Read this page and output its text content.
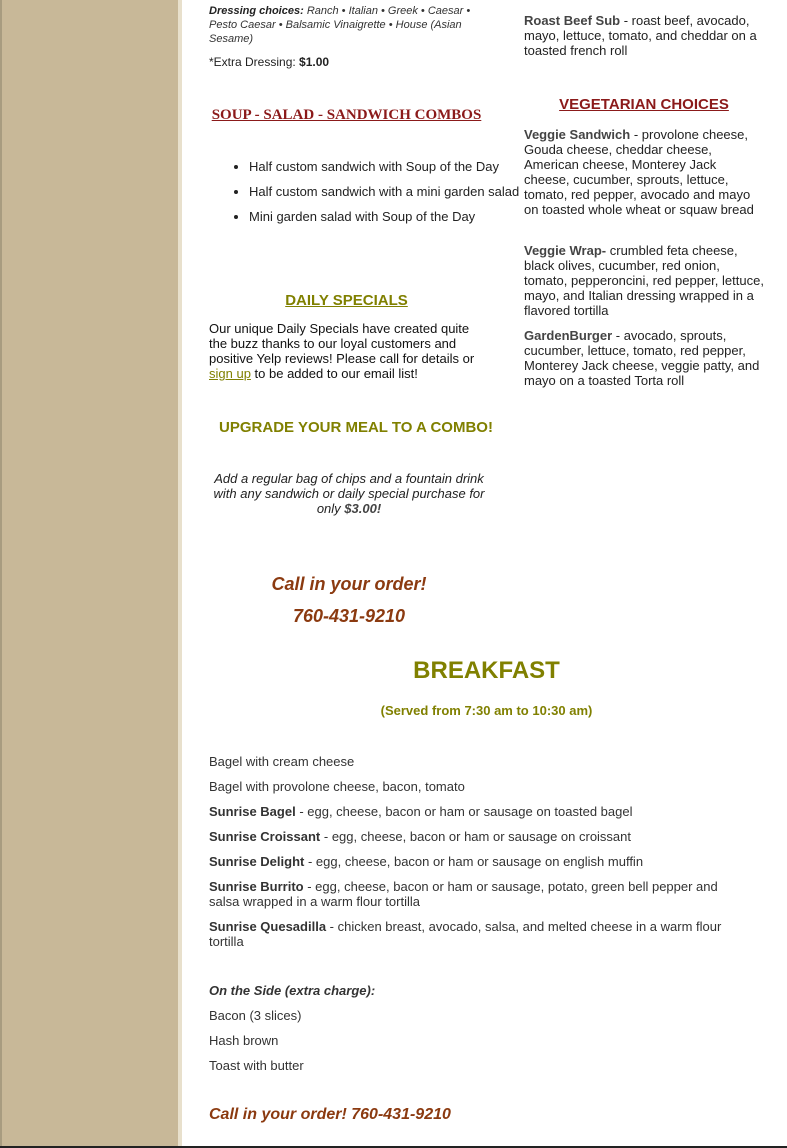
Dressing choices: Ranch • Italian • Greek • Caesar • Pesto Caesar • Balsamic Vinaigrette • House (Asian Sesame)
*Extra Dressing: $1.00
SOUP - SALAD - SANDWICH COMBOS
• Half custom sandwich with Soup of the Day
• Half custom sandwich with a mini garden salad
• Mini garden salad with Soup of the Day
DAILY SPECIALS
Our unique Daily Specials have created quite the buzz thanks to our loyal customers and positive Yelp reviews! Please call for details or sign up to be added to our email list!
UPGRADE YOUR MEAL TO A COMBO!
Add a regular bag of chips and a fountain drink with any sandwich or daily special purchase for only $3.00!
Call in your order!
760-431-9210
Roast Beef Sub - roast beef, avocado, mayo, lettuce, tomato, and cheddar on a toasted french roll
VEGETARIAN CHOICES
Veggie Sandwich - provolone cheese, Gouda cheese, cheddar cheese, American cheese, Monterey Jack cheese, cucumber, sprouts, lettuce, tomato, red pepper, avocado and mayo on toasted whole wheat or squaw bread
Veggie Wrap- crumbled feta cheese, black olives, cucumber, red onion, tomato, pepperoncini, red pepper, lettuce, mayo, and Italian dressing wrapped in a flavored tortilla
GardenBurger - avocado, sprouts, cucumber, lettuce, tomato, red pepper, Monterey Jack cheese, veggie patty, and mayo on a toasted Torta roll
BREAKFAST
(Served from 7:30 am to 10:30 am)
Bagel with cream cheese
Bagel with provolone cheese, bacon, tomato
Sunrise Bagel - egg, cheese, bacon or ham or sausage on toasted bagel
Sunrise Croissant - egg, cheese, bacon or ham or sausage on croissant
Sunrise Delight - egg, cheese, bacon or ham or sausage on english muffin
Sunrise Burrito - egg, cheese, bacon or ham or sausage, potato, green bell pepper and salsa wrapped in a warm flour tortilla
Sunrise Quesadilla - chicken breast, avocado, salsa, and melted cheese in a warm flour tortilla
On the Side (extra charge):
Bacon (3 slices)
Hash brown
Toast with butter
Call in your order! 760-431-9210
